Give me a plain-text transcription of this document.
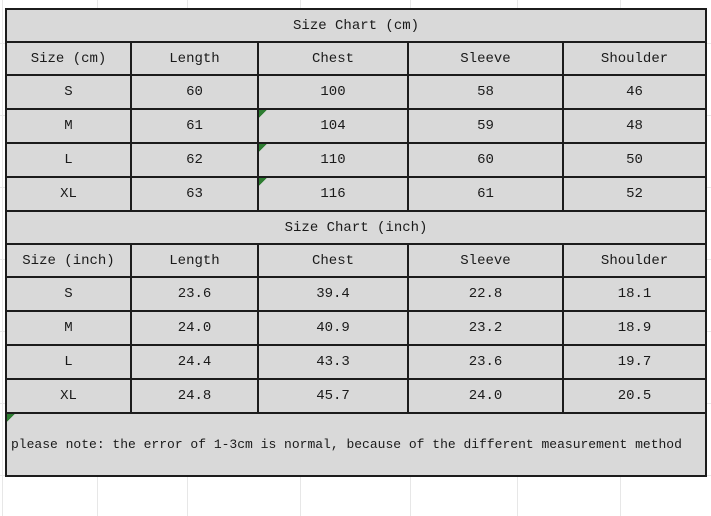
Size Chart (cm)				
Size (cm)	Length	Chest	Sleeve	Shoulder
S	60	100	58	46
M	61	104	59	48
L	62	110	60	50
XL	63	116	61	52
Size Chart (inch)				
Size (inch)	Length	Chest	Sleeve	Shoulder
S	23.6	39.4	22.8	18.1
M	24.0	40.9	23.2	18.9
L	24.4	43.3	23.6	19.7
XL	24.8	45.7	24.0	20.5

please note: the error of 1-3cm is normal, because of the different measurement method				
